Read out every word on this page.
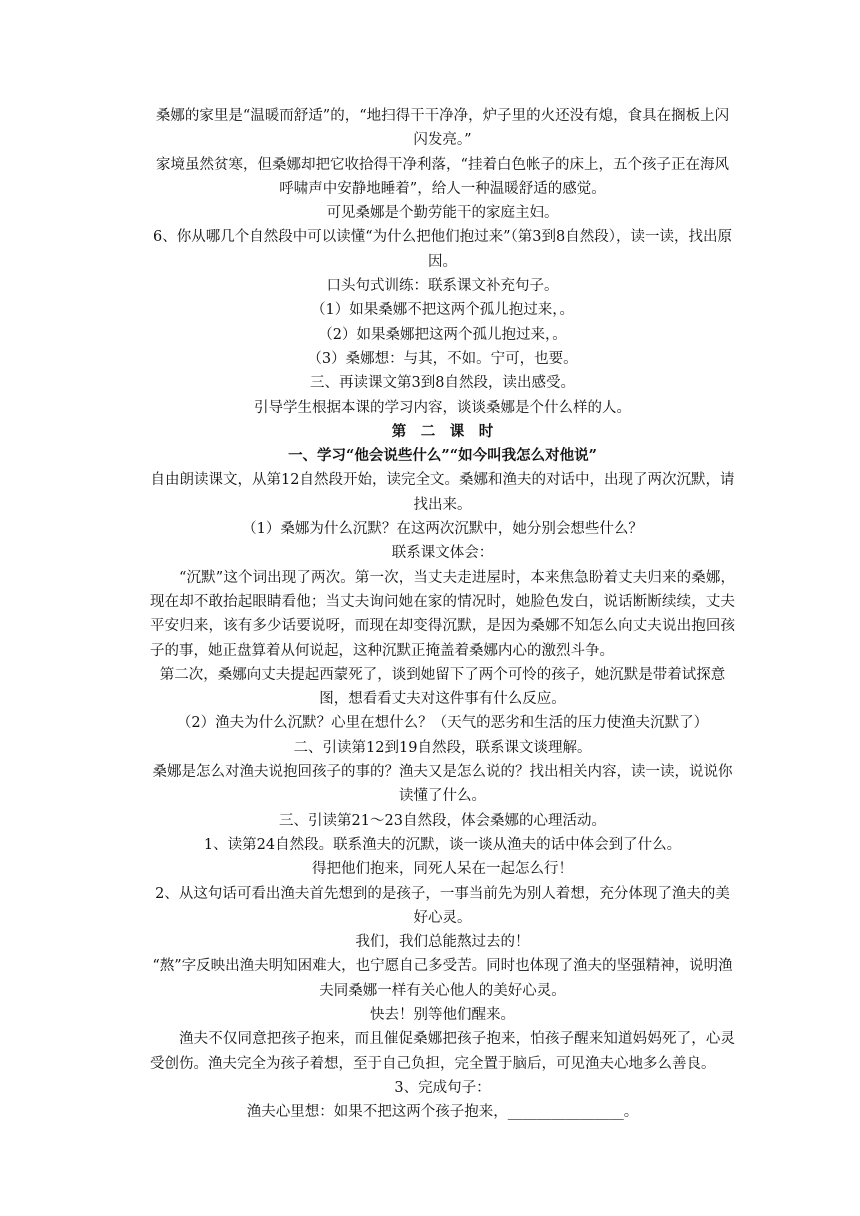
桑娜的家里是“温暖而舒适”的，“地扫得干干净净，炉子里的火还没有熄，食具在搁板上闪闪发亮。”

家境虽然贫寒，但桑娜却把它收拾得干净利落，“挂着白色帐子的床上，五个孩子正在海风呼啸声中安静地睡着”，给人一种温暖舒适的感觉。

可见桑娜是个勤劳能干的家庭主妇。

6、你从哪几个自然段中可以读懂“为什么把他们抱过来”（第3到8自然段），读一读，找出原因。

口头句式训练：联系课文补充句子。

（1）如果桑娜不把这两个孤儿抱过来，。

（2）如果桑娜把这两个孤儿抱过来，。

（3）桑娜想：与其，不如。宁可，也要。

三、再读课文第3到8自然段，读出感受。

引导学生根据本课的学习内容，谈谈桑娜是个什么样的人。

第　二　课　时

一、学习“他会说些什么”“如今叫我怎么对他说”

自由朗读课文，从第12自然段开始，读完全文。桑娜和渔夫的对话中，出现了两次沉默，请找出来。

（1）桑娜为什么沉默？在这两次沉默中，她分别会想些什么？

联系课文体会：

“沉默”这个词出现了两次。第一次，当丈夫走进屋时，本来焦急盼着丈夫归来的桑娜，现在却不敢抬起眼睛看他；当丈夫询问她在家的情况时，她脸色发白，说话断断续续，丈夫平安归来，该有多少话要说呀，而现在却变得沉默，是因为桑娜不知怎么向丈夫说出抱回孩子的事，她正盘算着从何说起，这种沉默正掩盖着桑娜内心的激烈斗争。

第二次，桑娜向丈夫提起西蒙死了，谈到她留下了两个可怜的孩子，她沉默是带着试探意图，想看看丈夫对这件事有什么反应。

（2）渔夫为什么沉默？心里在想什么？（天气的恶劣和生活的压力使渔夫沉默了）

二、引读第12到19自然段，联系课文谈理解。

桑娜是怎么对渔夫说抱回孩子的事的？渔夫又是怎么说的？找出相关内容，读一读，说说你读懂了什么。

三、引读第21～23自然段，体会桑娜的心理活动。

1、读第24自然段。联系渔夫的沉默，谈一谈从渔夫的话中体会到了什么。

得把他们抱来，同死人呆在一起怎么行！

2、从这句话可看出渔夫首先想到的是孩子，一事当前先为别人着想，充分体现了渔夫的美好心灵。

我们，我们总能熬过去的！

“熬”字反映出渔夫明知困难大，也宁愿自己多受苦。同时也体现了渔夫的坚强精神，说明渔夫同桑娜一样有关心他人的美好心灵。

快去！别等他们醒来。

渔夫不仅同意把孩子抱来，而且催促桑娜把孩子抱来，怕孩子醒来知道妈妈死了，心灵受创伤。渔夫完全为孩子着想，至于自己负担，完全置于脑后，可见渔夫心地多么善良。

3、完成句子：

渔夫心里想：如果不把这两个孩子抱来，________________。
